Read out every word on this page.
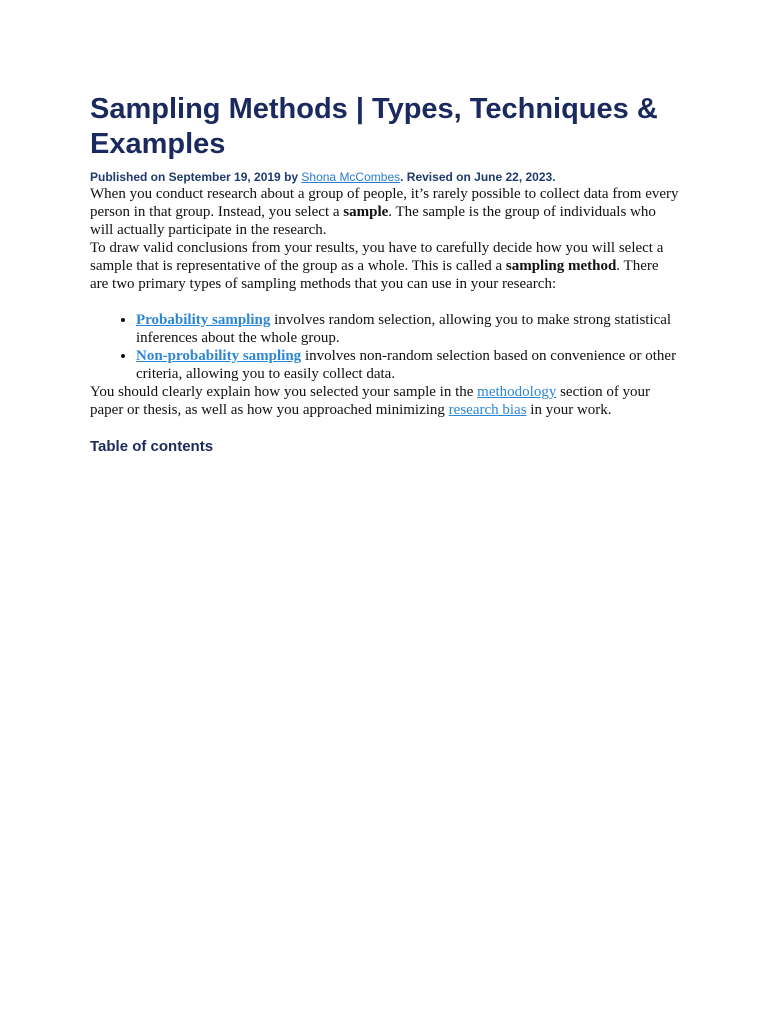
Sampling Methods | Types, Techniques & Examples
Published on September 19, 2019 by Shona McCombes. Revised on June 22, 2023.

When you conduct research about a group of people, it’s rarely possible to collect data from every person in that group. Instead, you select a sample. The sample is the group of individuals who will actually participate in the research.

To draw valid conclusions from your results, you have to carefully decide how you will select a sample that is representative of the group as a whole. This is called a sampling method. There are two primary types of sampling methods that you can use in your research:

• Probability sampling involves random selection, allowing you to make strong statistical inferences about the whole group.
• Non-probability sampling involves non-random selection based on convenience or other criteria, allowing you to easily collect data.

You should clearly explain how you selected your sample in the methodology section of your paper or thesis, as well as how you approached minimizing research bias in your work.

Table of contents
